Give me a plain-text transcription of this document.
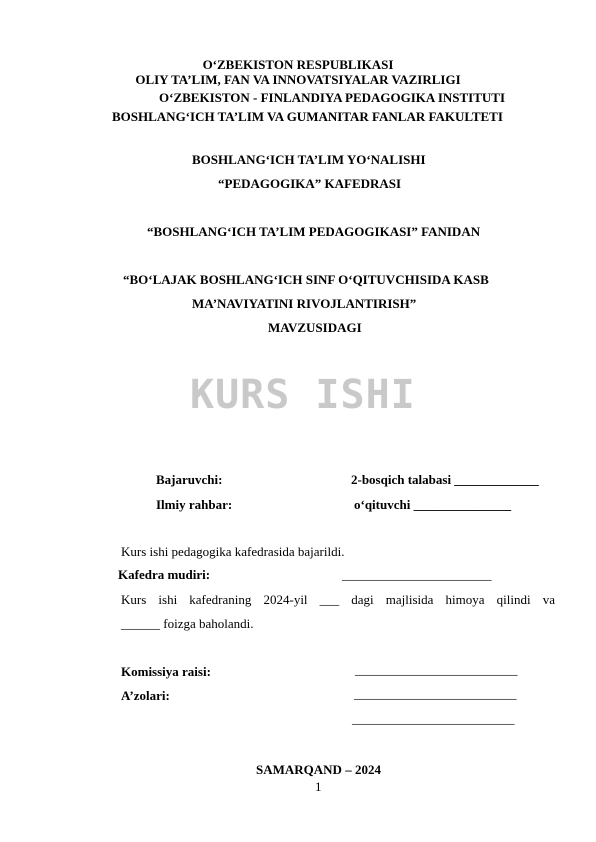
O‘ZBEKISTON RESPUBLIKASI
OLIY TA’LIM, FAN VA INNOVATSIYALAR VAZIRLIGI
O‘ZBEKISTON - FINLANDIYA PEDAGOGIKA INSTITUTI
BOSHLANG‘ICH TA’LIM VA GUMANITAR FANLAR FAKULTETI
BOSHLANG‘ICH TA’LIM YO‘NALISHI
“PEDAGOGIKA” KAFEDRASI
“BOSHLANG‘ICH TA’LIM PEDAGOGIKASI” FANIDAN
“BO‘LAJAK BOSHLANG‘ICH SINF O‘QITUVCHISIDA KASB
MA’NAVIYATINI RIVOJLANTIRISH”
MAVZUSIDAGI
KURS ISHI
Bajaruvchi:	2-bosqich talabasi _____________
Ilmiy rahbar:	o‘qituvchi _______________
Kurs ishi pedagogika kafedrasida bajarildi.
Kafedra mudiri:	_______________________
Kurs ishi kafedraning 2024-yil ___ dagi majlisida himoya qilindi va
______ foizga baholandi.
Komissiya raisi:	_________________________
A’zolari:	_________________________
_________________________
SAMARQAND – 2024
1
